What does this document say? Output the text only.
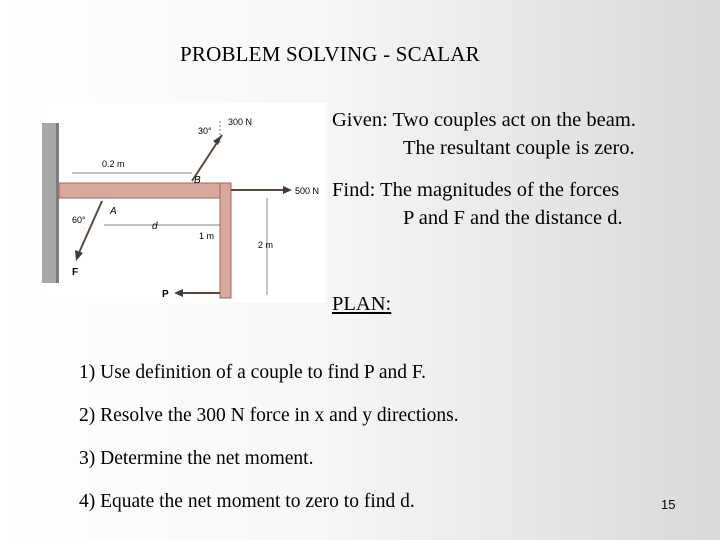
PROBLEM SOLVING - SCALAR
300 N
30°
B
0.2 m
500 N
F
60°
A
d
1 m
2 m
P
Given: Two couples act on the beam.
The resultant couple is zero.
Find: The magnitudes of the forces
P and F and the distance d.
PLAN:
1) Use definition of a couple to find P and F.
2) Resolve the 300 N force in x and y directions.
3) Determine the net moment.
4) Equate the net moment to zero to find d.	15
